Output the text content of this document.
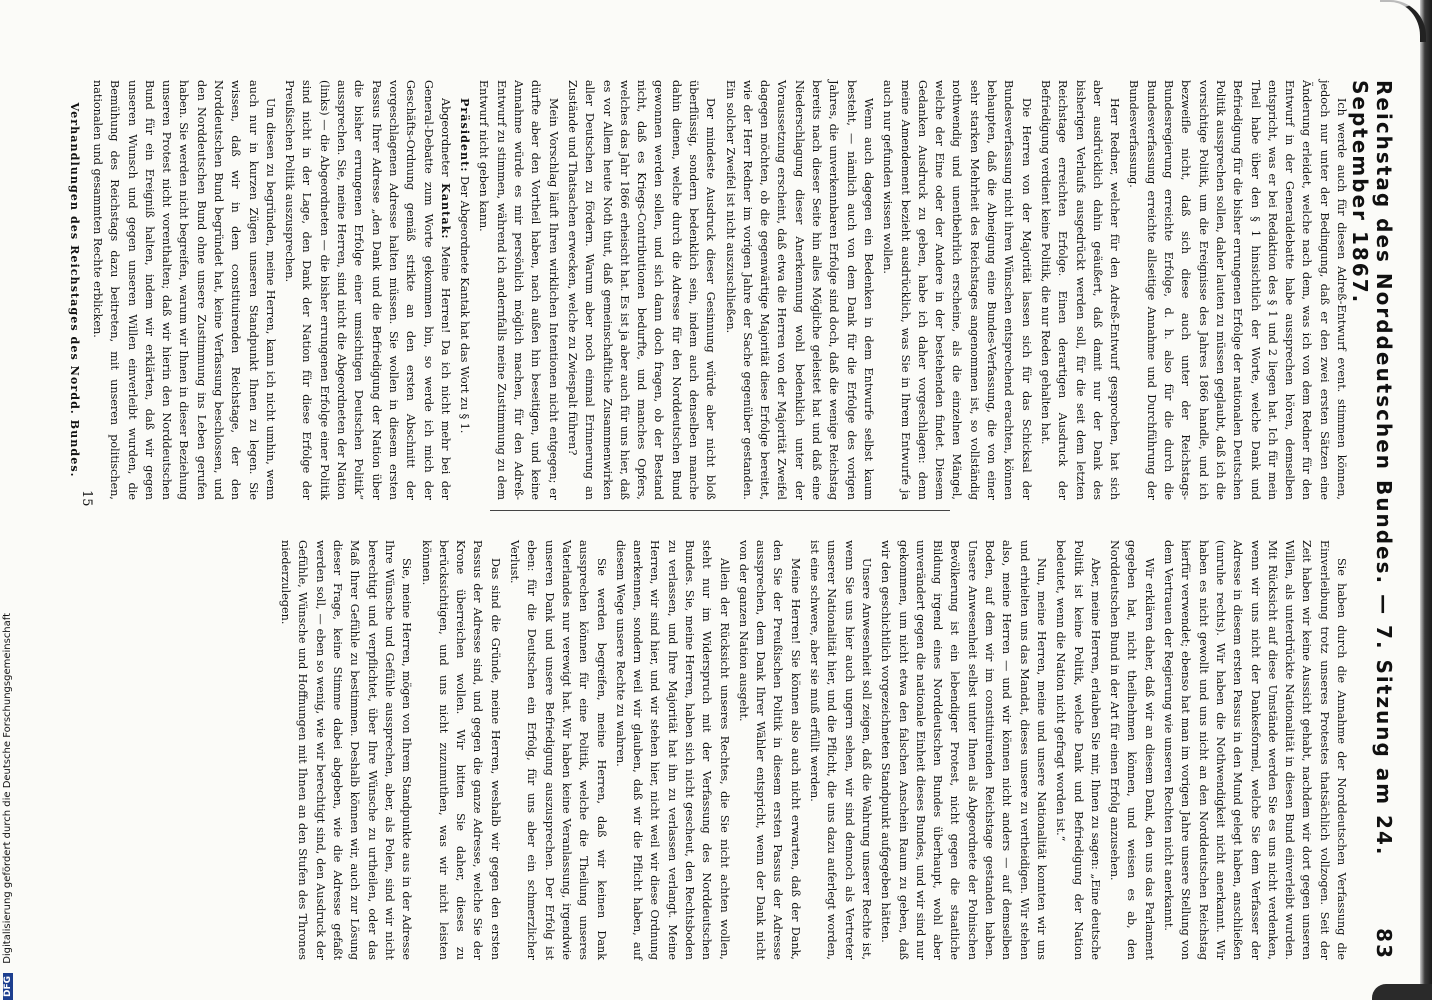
Reichstag des Norddeutschen Bundes. — 7. Sitzung am 24. September 1867.
83

Ich werde auch für diesen Adreß-Entwurf event. stimmen können, jedoch nur unter der Bedingung, daß er den zwei ersten Sätzen eine Änderung erleidet, welche nach dem, was ich von dem Redner für den Entwurf in der Generaldebatte habe aussprechen hören, demselben entspricht, was er bei Redaktion des § 1 und 2 liegen hat. Ich für mein Theil habe über den § 1 hinsichtlich der Worte, welche Dank und Befriedigung für die bisher errungenen Erfolge der nationalen Deutschen Politik aussprechen sollen, daher lauten zu müssen geglaubt, daß ich die vorsichtige Politik, um die Ereignisse des Jahres 1866 handle, und ich bezweifle nicht, daß sich diese auch unter der Reichstags-Bundesregierung erreichte Erfolge, d. h. also für die durch die Bundesverfassung erreichte allseitige Annahme und Durchführung der Bundesverfassung.

Herr Redner, welcher für den Adreß-Entwurf gesprochen, hat sich aber ausdrücklich dahin geäußert, daß damit nur der Dank des bisherigen Verlaufs ausgedrückt werden soll, für die seit dem letzten Reichstage erreichten Erfolge. Einen derartigen Ausdruck der Befriedigung verdient keine Politik, die nur Reden gehalten hat.

Die Herren von der Majorität lassen sich für das Schicksal der Bundesverfassung nicht ihren Wünschen entsprechend erachten, können behaupten, daß die Abneigung eine Bundes-Verfassung, die von einer sehr starken Mehrheit des Reichstages angenommen ist, so vollständig nothwendig und unentbehrlich erscheine, als die einzelnen Mängel, welche der Eine oder der Andere in der bestehenden findet. Diesem Gedanken Ausdruck zu geben, habe ich daher vorgeschlagen: denn meine Amendement bezieht ausdrücklich, was Sie in Ihrem Entwurfe ja auch nur gefunden wissen wollen.

Wenn auch dagegen ein Bedenken in dem Entwurfe selbst kaum besteht, — nämlich auch von dem Dank für die Erfolge des vorigen Jahres, die unverkennbaren Erfolge sind doch, daß die wenige Reichstag bereits nach dieser Seite hin alles Mögliche geleistet hat und daß eine Niederschlagung dieser Anerkennung wohl bedenklich unter der Voraussetzung erscheint, daß etwa die Herren von der Majorität Zweifel dagegen möchten, ob die gegenwärtige Majorität diese Erfolge bereitet, wie der Herr Redner im vorigen Jahre der Sache gegenüber gestanden. Ein solcher Zweifel ist nicht auszuschließen.

Der mindeste Ausdruck dieser Gesinnung würde aber nicht bloß überflüssig, sondern bedenklich sein, indem auch denselben manche dahin dienen, welche durch die Adresse für den Norddeutschen Bund gewonnen werden sollen, und sich dann doch fragen, ob der Bestand nicht, daß es Kriegs-Contributionen bedurfte, und manches Opfers, welches das Jahr 1866 erheischt hat. Es ist ja aber auch für uns hier, daß es vor Allem heute Noth thut, daß gemeinschaftliche Zusammenwirken aller Deutschen zu fördern. Warum aber noch einmal Erinnerung an Zustände und Thatsachen erwecken, welche zu Zwiespalt führen?

Mein Vorschlag läuft Ihren wirklichen Intentionen nicht entgegen; er dürfte aber den Vortheil haben, nach außen hin beseitigen, und keine Annahme würde es mir persönlich möglich machen, für den Adreß-Entwurf zu stimmen, während ich andernfalls meine Zustimmung zu dem Entwurf nicht geben kann.

Präsident: Der Abgeordnete Kantak hat das Wort zu § 1.

Abgeordneter Kantak: Meine Herren! Da ich nicht mehr bei der General-Debatte zum Worte gekommen bin, so werde ich mich der Geschäfts-Ordnung gemäß strikte an den ersten Abschnitt der vorgeschlagenen Adresse halten müssen. Sie wollen in diesem ersten Passus Ihrer Adresse „den Dank und die Befriedigung der Nation über die bisher errungenen Erfolge einer umsichtigen Deutschen Politik“ aussprechen. Sie, meine Herren, sind nicht die Abgeordneten der Nation (links) — die Abgeordneten — die bisher errungenen Erfolge einer Politik sind nicht in der Lage, den Dank der Nation für diese Erfolge der Preußischen Politik auszusprechen.

Um diesen zu begründen, meine Herren, kann ich nicht umhin, wenn auch nur in kurzen Zügen unseren Standpunkt Ihnen zu legen. Sie wissen, daß wir in dem constituirenden Reichstage, der den Norddeutschen Bund begründet hat, keine Verfassung beschlossen, und den Norddeutschen Bund ohne unsere Zustimmung ins Leben gerufen haben. Sie werden nicht begreifen, warum wir Ihnen in dieser Beziehung unseren Protest nicht vorenthalten; daß wir hierin den Norddeutschen Bund für ein Ereigniß halten, indem wir erklärten, daß wir gegen unseren Wunsch und gegen unseren Willen einverleibt wurden, die Bemühung des Reichstags dazu beitreten, mit unseren politischen, nationalen und gesammten Rechte erblicken.

Verhandlungen des Reichstages des Nordd. Bundes.

Sie haben durch die Annahme der Norddeutschen Verfassung die Einverleibung trotz unseres Protestes thatsächlich vollzogen. Seit der Zeit haben wir keine Aussicht gehabt, nachdem wir dort gegen unseren Willen, als unterdrückte Nationalität in diesen Bund einverleibt wurden. Mit Rücksicht auf diese Umstände werden Sie es uns nicht verdenken, wenn wir uns nicht der Dankesformel, welche Sie dem Verfasser der Adresse in diesem ersten Passus in den Mund gelegt haben, anschließen (unruhe rechts). Wir haben die Nothwendigkeit nicht anerkannt. Wir haben es nicht gewollt und uns nicht an den Norddeutschen Reichstag hierfür verwendet; ebenso hat man im vorigen Jahre unsere Stellung von dem Vertrauen der Regierung wie unseren Rechten nicht anerkannt.

Wir erklären daher, daß wir an diesem Dank, den uns das Parlament gegeben hat, nicht theilnehmen können, und weisen es ab, den Norddeutschen Bund in der Art für einen Erfolg anzusehen.

Aber, meine Herren, erlauben Sie mir, Ihnen zu sagen: „Eine deutsche Politik ist keine Politik, welche Dank und Befriedigung der Nation bedeutet, wenn die Nation nicht gefragt worden ist.“

Nun, meine Herren, meine und unsere Nationalität konnten wir uns und erhielten uns das Mandat, dieses unsere zu vertheidigen. Wir stehen also, meine Herren — und wir können nicht anders — auf demselben Boden, auf dem wir im constituirenden Reichstage gestanden haben. Unsere Anwesenheit selbst unter Ihnen als Abgeordnete der Polnischen Bevölkerung ist ein lebendiger Protest, nicht gegen die staatliche Bildung irgend eines Norddeutschen Bundes überhaupt, wohl aber unverändert gegen die nationale Einheit dieses Bundes, und wir sind nur gekommen, um nicht etwa den falschen Anschein Raum zu geben, daß wir den geschichtlich vorgezeichneten Standpunkt aufgegeben hätten.

Unsere Anwesenheit soll zeigen, daß die Wahrung unserer Rechte ist, wenn Sie uns hier auch ungern sehen, wir sind dennoch als Vertreter unserer Nationalität hier, und die Pflicht, die uns dazu auferlegt worden, ist eine schwere, aber sie muß erfüllt werden.

Meine Herren! Sie können also auch nicht erwarten, daß der Dank, den Sie der Preußischen Politik in diesem ersten Passus der Adresse aussprechen, dem Dank Ihrer Wähler entspricht, wenn der Dank nicht von der ganzen Nation ausgeht.

Allein der Rücksicht unseres Rechtes, die Sie nicht achten wollen, steht nur im Widerspruch mit der Verfassung des Norddeutschen Bundes. Sie, meine Herren, haben sich nicht gescheut, den Rechtsboden zu verlassen, und Ihre Majorität hat ihn zu verlassen verlangt. Meine Herren, wir sind hier, und wir stehen hier, nicht weil wir diese Ordnung anerkennen, sondern weil wir glauben, daß wir die Pflicht haben, auf diesem Wege unsere Rechte zu wahren.

Sie werden begreifen, meine Herren, daß wir keinen Dank aussprechen können für eine Politik, welche die Theilung unseres Vaterlandes nur verewigt hat. Wir haben keine Veranlassung, irgendwie unseren Dank und unsere Befriedigung auszusprechen. Der Erfolg ist eben: für die Deutschen ein Erfolg, für uns aber ein schmerzlicher Verlust.

Das sind die Gründe, meine Herren, weshalb wir gegen den ersten Passus der Adresse sind, und gegen die ganze Adresse, welche Sie der Krone überreichen wollen. Wir bitten Sie daher, dieses zu berücksichtigen, und uns nicht zuzumuthen, was wir nicht leisten können.

Sie, meine Herren, mögen von Ihrem Standpunkte aus in der Adresse Ihre Wünsche und Gefühle aussprechen, aber, als Polen, sind wir nicht berechtigt und verpflichtet, über Ihre Wünsche zu urtheilen, oder das Maß Ihrer Gefühle zu bestimmen. Deshalb können wir, auch zur Lösung dieser Frage, keine Stimme dabei abgeben, wie die Adresse gefaßt werden soll, — eben so wenig, wie wir berechtigt sind, den Ausdruck der Gefühle, Wünsche und Hoffnungen mit Ihnen an den Stufen des Thrones niederzulegen.

15
DFG Digitalisierung gefördert durch die Deutsche Forschungsgemeinschaft
